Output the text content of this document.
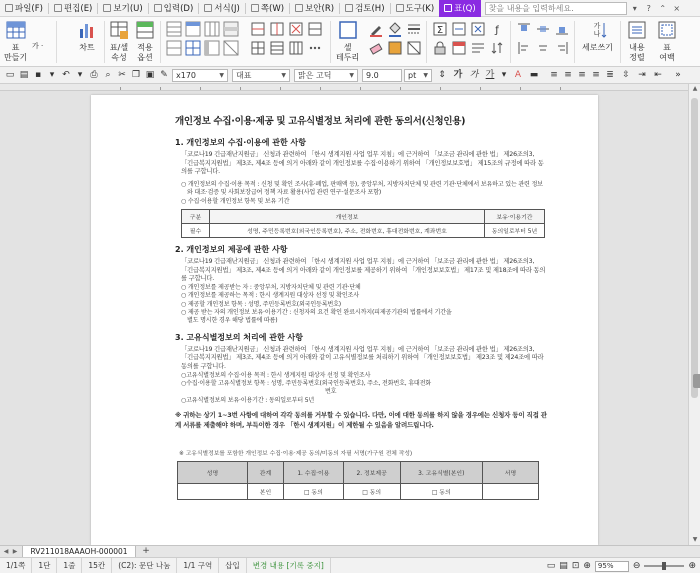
파일(F) 편집(E) 보기(U) 입력(D) 서식(J) 쪽(W) 보안(R) 검토(H) 도구(K) 표(Q)
찾을 내용을 입력하세요.	▾	?	⌃ ×
표
만들기
가 ·	차트 표/셀
속성
적용
옵션
셀
테두리
Σ	ƒ	가
나
세로쓰기 내용
정렬
표
여백
▭ ▤ ▪ ▾ ↶ ▾ ⎙ ⌕ ✂ ❐ ▣ ✎ x170	▼ 대표	▼ 맑은 고딕	▼ 9.0	pt ▼ ⇕ 가 가 가 ▾ A ▬ ≡ ≡ ≡ ≡ ≣ ⇳ ⇥ ⇤	»
개인정보 수집·이용·제공 및 고유식별정보 처리에 관한 동의서(신청인용)
1. 개인정보의 수집·이용에 관한 사항
「코로나19 긴급재난지원금」 신청과 관련하여 「한시 생계지원 사업 업무 지침」에 근거하여 「보조금 관리에 관한 법」 제26조의3, 「긴급복지지원법」 제3조, 제4조 등에 의거 아래와 같이 개인정보를 수집·이용하기 위하여 「개인정보보호법」 제15조의 규정에 따라 동의를 구합니다.
○ 개인정보의 수집·이용 목적 : 신청 및 확인 조사(휴·폐업, 판매액 등), 중앙부처, 지방자치단체 및 관련 기관·단체에서 보유하고 있는 관련 정보와 대조·검증 및 사회보장급여 정책 자료 활용(사업 관련 연구·설문조사 포함)
○ 수집·이용할 개인정보 항목 및 보유 기간
구분	개인정보	보유·이용기간
필수	성명, 주민등록번호(외국인등록번호), 주소, 전화번호, 휴대전화번호, 계좌번호	동의일로부터 5년
2. 개인정보의 제공에 관한 사항
「코로나19 긴급재난지원금」 신청과 관련하여 「한시 생계지원 사업 업무 지침」에 근거하여 「보조금 관리에 관한 법」 제26조의3, 「긴급복지지원법」 제3조, 제4조 등에 의거 아래와 같이 개인정보를 제공하기 위하여 「개인정보보호법」 제17조 및 제18조에 따라 동의를 구합니다.
○ 개인정보를 제공받는 자 : 중앙부처, 지방자치단체 및 관련 기관·단체
○ 개인정보를 제공하는 목적 : 한시 생계지원 대상자 선정 및 확인조사
○ 제공할 개인정보 항목 : 성명, 주민등록번호(외국인등록번호)
○ 제공 받는 자의 개인정보 보유·이용기간 : 신청자의 요건 확인 완료시까지(피제공기관의 법률에서 기간을
별도 명시한 경우 해당 법률에 따름)
3. 고유식별정보의 처리에 관한 사항
「코로나19 긴급재난지원금」 신청과 관련하여 「한시 생계지원 사업 업무 지침」에 근거하여 「보조금 관리에 관한 법」 제26조의3, 「긴급복지지원법」 제3조, 제4조 등에 의거 아래와 같이 고유식별정보를 처리하기 위하여 「개인정보보호법」 제23조 및 제24조에 따라 동의를 구합니다.
○고유식별정보의 수집·이용 목적 : 한시 생계지원 대상자 선정 및 확인조사
○수집·이용할 고유식별정보 항목 : 성명, 주민등록번호(외국인등록번호), 주소, 전화번호, 휴대전화
번호
○고유식별정보의 보유·이용기간 : 동의일로부터 5년
※ 귀하는 상기 1~3번 사항에 대하여 각각 동의를 거부할 수 있습니다. 다만, 이에 대한 동의를 하지 않을 경우에는 신청자 등이 직접 관계 서류를 제출해야 하며, 부득이한 경우 「한시 생계지원」이 제한될 수 있음을 알려드립니다.
※ 고유식별정보를 포함한 개인정보 수집·이용·제공 동의/미동의 자필 서명(가구원 전체 작성)
성명	관계	1. 수집·이용	2. 정보제공	3. 고유식별(본인)	서명
	본인	□ 동의	□ 동의	□ 동의	
▲
▼
◀ ▶	RV211018AAAOH-000001	+
1/1쪽	1단	1줄	15칸	(C2): 문단 나눔	1/1 구역	삽입	변경 내용 [기록 중지]	▭ ▤ ⊡ ⊕	95%	⊖	⊕
